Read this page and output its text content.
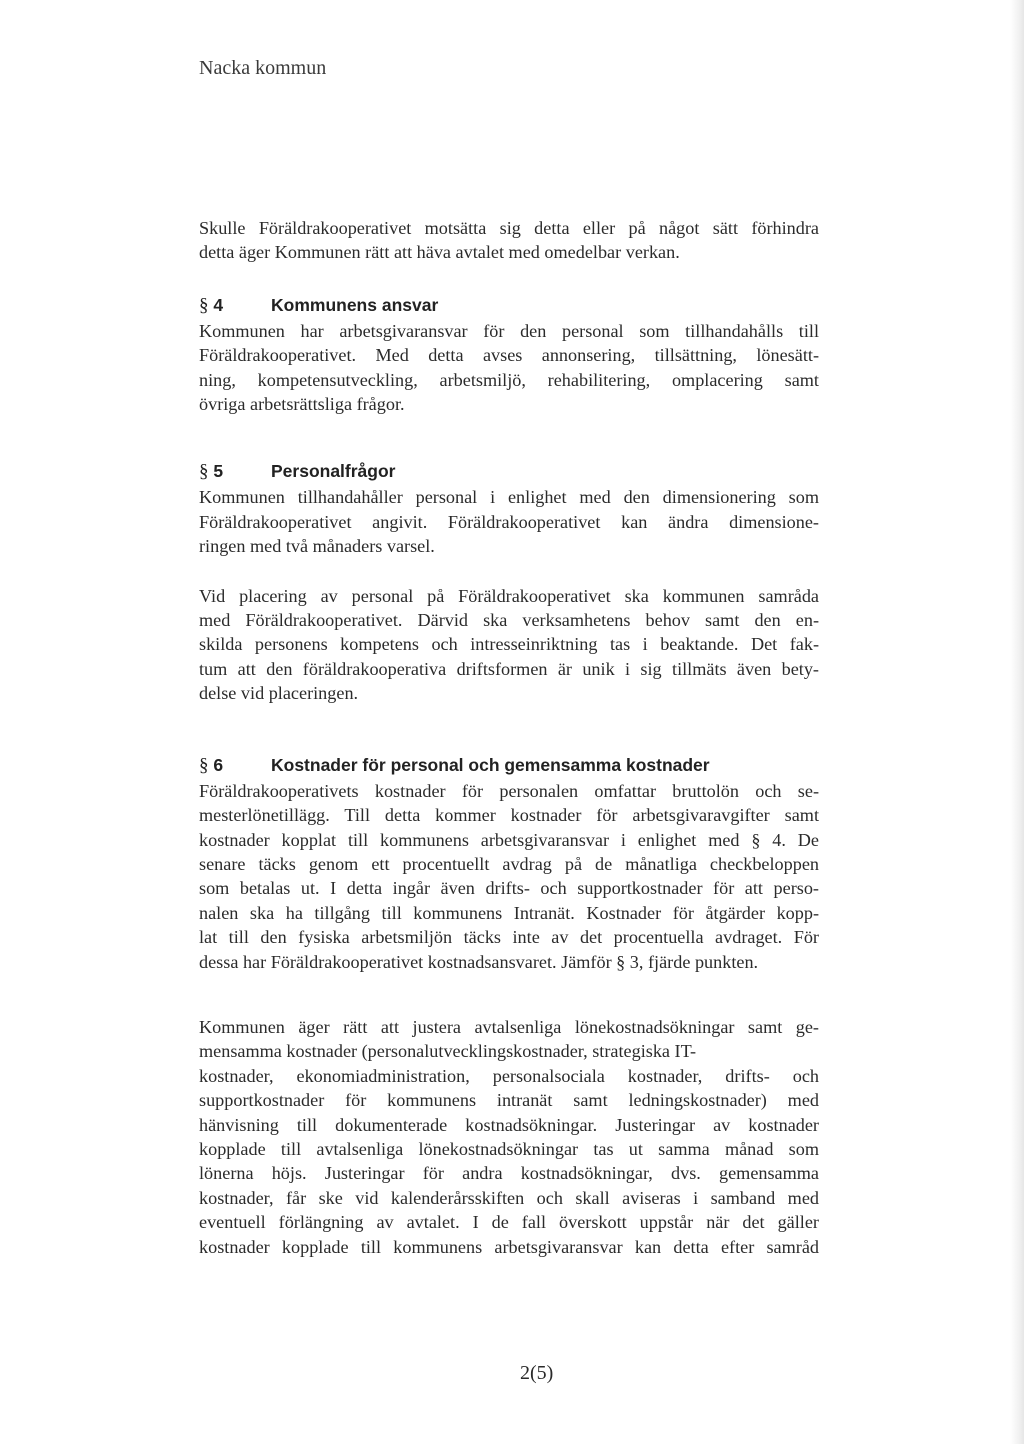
Nacka kommun

Skulle Föräldrakooperativet motsätta sig detta eller på något sätt förhindra
detta äger Kommunen rätt att häva avtalet med omedelbar verkan.

§ 4	Kommunens ansvar

Kommunen har arbetsgivaransvar för den personal som tillhandahålls till
Föräldrakooperativet. Med detta avses annonsering, tillsättning, lönesätt-
ning, kompetensutveckling, arbetsmiljö, rehabilitering, omplacering samt
övriga arbetsrättsliga frågor.

§ 5	Personalfrågor

Kommunen tillhandahåller personal i enlighet med den dimensionering som
Föräldrakooperativet angivit. Föräldrakooperativet kan ändra dimensione-
ringen med två månaders varsel.

Vid placering av personal på Föräldrakooperativet ska kommunen samråda
med Föräldrakooperativet. Därvid ska verksamhetens behov samt den en-
skilda personens kompetens och intresseinriktning tas i beaktande. Det fak-
tum att den föräldrakooperativa driftsformen är unik i sig tillmäts även bety-
delse vid placeringen.

§ 6	Kostnader för personal och gemensamma kostnader

Föräldrakooperativets kostnader för personalen omfattar bruttolön och se-
mesterlönetillägg. Till detta kommer kostnader för arbetsgivaravgifter samt
kostnader kopplat till kommunens arbetsgivaransvar i enlighet med § 4. De
senare täcks genom ett procentuellt avdrag på de månatliga checkbeloppen
som betalas ut. I detta ingår även drifts- och supportkostnader för att perso-
nalen ska ha tillgång till kommunens Intranät. Kostnader för åtgärder kopp-
lat till den fysiska arbetsmiljön täcks inte av det procentuella avdraget. För
dessa har Föräldrakooperativet kostnadsansvaret. Jämför § 3, fjärde punkten.

Kommunen äger rätt att justera avtalsenliga lönekostnadsökningar samt ge-
mensamma kostnader (personalutvecklingskostnader, strategiska IT-
kostnader, ekonomiadministration, personalsociala kostnader, drifts- och
supportkostnader för kommunens intranät samt ledningskostnader) med
hänvisning till dokumenterade kostnadsökningar. Justeringar av kostnader
kopplade till avtalsenliga lönekostnadsökningar tas ut samma månad som
lönerna höjs. Justeringar för andra kostnadsökningar, dvs. gemensamma
kostnader, får ske vid kalenderårsskiften och skall aviseras i samband med
eventuell förlängning av avtalet. I de fall överskott uppstår när det gäller
kostnader kopplade till kommunens arbetsgivaransvar kan detta efter samråd

2(5)
